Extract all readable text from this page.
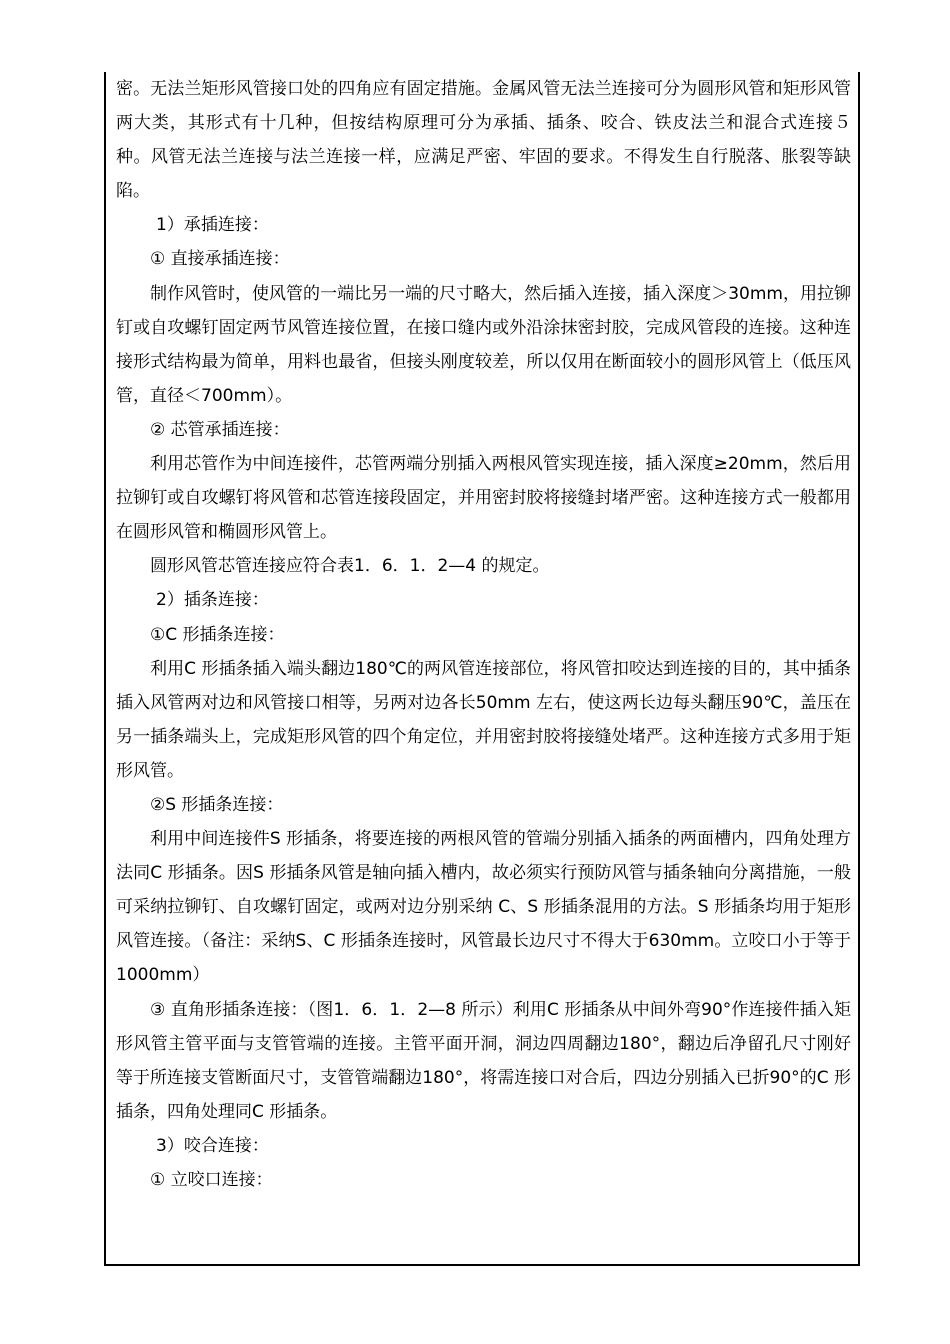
密。无法兰矩形风管接口处的四角应有固定措施。金属风管无法兰连接可分为圆形风管和矩形风管两大类，其形式有十几种，但按结构原理可分为承插、插条、咬合、铁皮法兰和混合式连接５ 种。风管无法兰连接与法兰连接一样，应满足严密、牢固的要求。不得发生自行脱落、胀裂等缺陷。

1）承插连接：

① 直接承插连接：

制作风管时，使风管的一端比另一端的尺寸略大，然后插入连接，插入深度＞30mm，用拉铆钉或自攻螺钉固定两节风管连接位置，在接口缝内或外沿涂抹密封胶，完成风管段的连接。这种连接形式结构最为简单，用料也最省，但接头刚度较差，所以仅用在断面较小的圆形风管上（低压风管，直径＜700mm）。

② 芯管承插连接：

利用芯管作为中间连接件，芯管两端分别插入两根风管实现连接，插入深度≥20mm，然后用拉铆钉或自攻螺钉将风管和芯管连接段固定，并用密封胶将接缝封堵严密。这种连接方式一般都用在圆形风管和椭圆形风管上。

圆形风管芯管连接应符合表1．6．1．2—4 的规定。

2）插条连接：

①C 形插条连接：

利用C 形插条插入端头翻边180℃的两风管连接部位，将风管扣咬达到连接的目的，其中插条插入风管两对边和风管接口相等，另两对边各长50mm 左右，使这两长边每头翻压90℃，盖压在另一插条端头上，完成矩形风管的四个角定位，并用密封胶将接缝处堵严。这种连接方式多用于矩形风管。

②S 形插条连接：

利用中间连接件S 形插条，将要连接的两根风管的管端分别插入插条的两面槽内，四角处理方法同C 形插条。因S 形插条风管是轴向插入槽内，故必须实行预防风管与插条轴向分离措施，一般可采纳拉铆钉、自攻螺钉固定，或两对边分别采纳 C、S 形插条混用的方法。S 形插条均用于矩形风管连接。（备注：采纳S、C 形插条连接时，风管最长边尺寸不得大于630mm。立咬口小于等于1000mm）

③ 直角形插条连接：（图1．6．1．2—8 所示）利用C 形插条从中间外弯90°作连接件插入矩形风管主管平面与支管管端的连接。主管平面开洞，洞边四周翻边180°，翻边后净留孔尺寸刚好等于所连接支管断面尺寸，支管管端翻边180°，将需连接口对合后，四边分别插入已折90°的C 形插条，四角处理同C 形插条。

3）咬合连接：

① 立咬口连接：
